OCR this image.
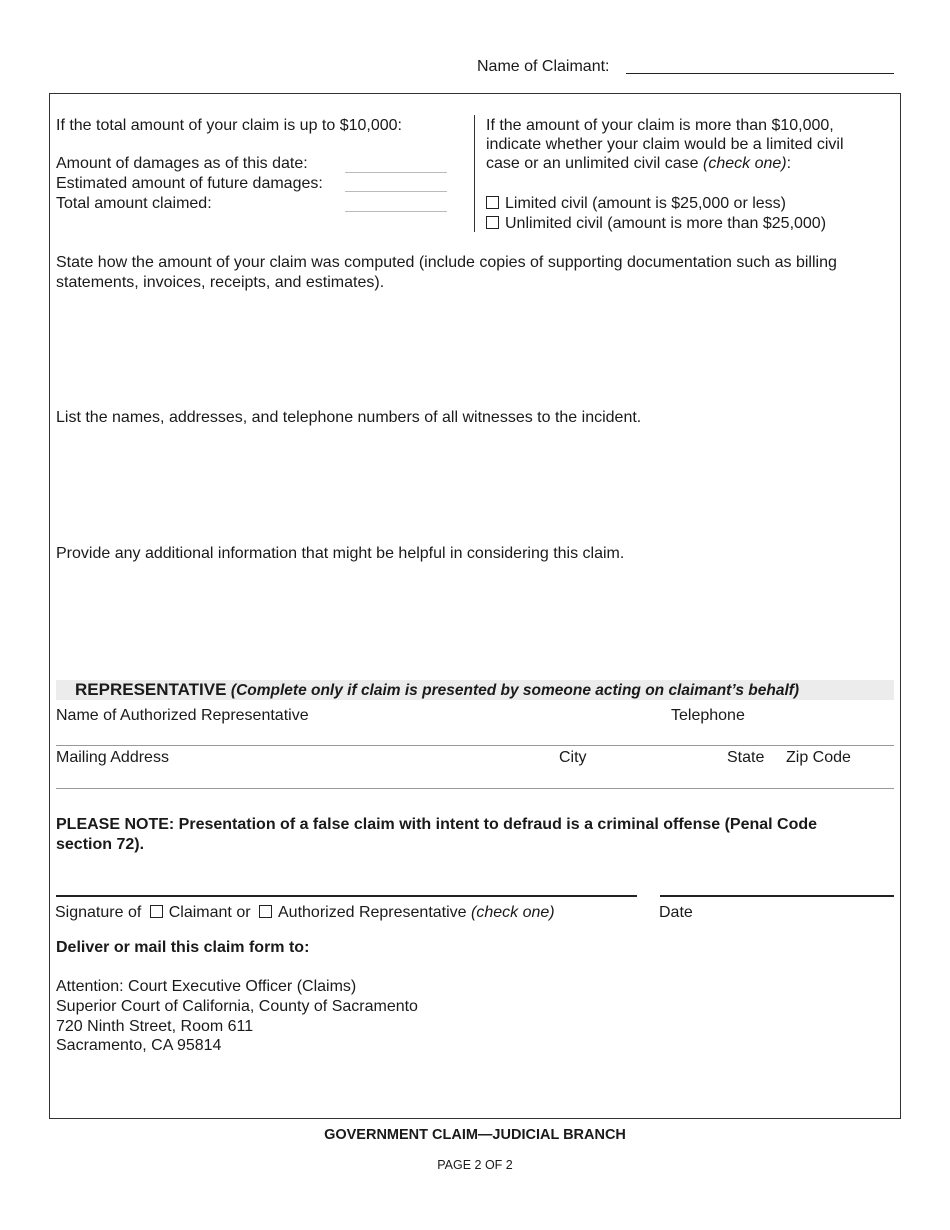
Name of Claimant:
If the total amount of your claim is up to $10,000:
Amount of damages as of this date:
Estimated amount of future damages:
Total amount claimed:
If the amount of your claim is more than $10,000,
indicate whether your claim would be a limited civil
case or an unlimited civil case (check one):
Limited civil (amount is $25,000 or less)
Unlimited civil (amount is more than $25,000)
State how the amount of your claim was computed (include copies of supporting documentation such as billing
statements, invoices, receipts, and estimates).
List the names, addresses, and telephone numbers of all witnesses to the incident.
Provide any additional information that might be helpful in considering this claim.
REPRESENTATIVE (Complete only if claim is presented by someone acting on claimant’s behalf)
Name of Authorized Representative	Telephone
Mailing Address	City	State Zip Code
PLEASE NOTE: Presentation of a false claim with intent to defraud is a criminal offense (Penal Code
section 72).
Signature of Claimant or Authorized Representative (check one)	Date
Deliver or mail this claim form to:
Attention: Court Executive Officer (Claims)
Superior Court of California, County of Sacramento
720 Ninth Street, Room 611
Sacramento, CA 95814
GOVERNMENT CLAIM—JUDICIAL BRANCH
PAGE 2 OF 2
